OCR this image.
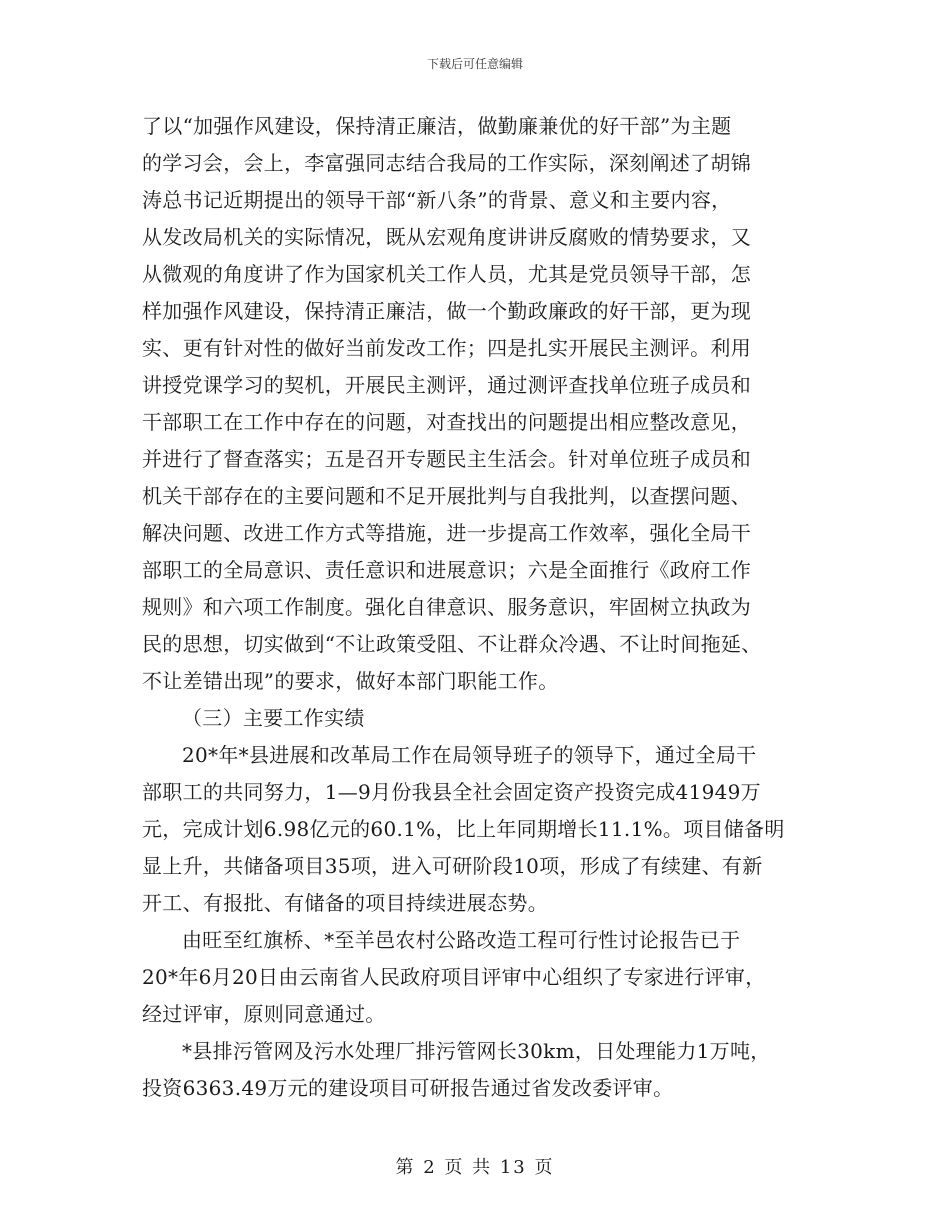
下载后可任意编辑
了以“加强作风建设，保持清正廉洁，做勤廉兼优的好干部”为主题
的学习会，会上，李富强同志结合我局的工作实际，深刻阐述了胡锦
涛总书记近期提出的领导干部“新八条”的背景、意义和主要内容，
从发改局机关的实际情况，既从宏观角度讲讲反腐败的情势要求，又
从微观的角度讲了作为国家机关工作人员，尤其是党员领导干部，怎
样加强作风建设，保持清正廉洁，做一个勤政廉政的好干部，更为现
实、更有针对性的做好当前发改工作；四是扎实开展民主测评。利用
讲授党课学习的契机，开展民主测评，通过测评查找单位班子成员和
干部职工在工作中存在的问题，对查找出的问题提出相应整改意见，
并进行了督查落实；五是召开专题民主生活会。针对单位班子成员和
机关干部存在的主要问题和不足开展批判与自我批判，以查摆问题、
解决问题、改进工作方式等措施，进一步提高工作效率，强化全局干
部职工的全局意识、责任意识和进展意识；六是全面推行《政府工作
规则》和六项工作制度。强化自律意识、服务意识，牢固树立执政为
民的思想，切实做到“不让政策受阻、不让群众冷遇、不让时间拖延、
不让差错出现”的要求，做好本部门职能工作。
（三）主要工作实绩
20*年*县进展和改革局工作在局领导班子的领导下，通过全局干
部职工的共同努力，1—9月份我县全社会固定资产投资完成41949万
元，完成计划6.98亿元的60.1%，比上年同期增长11.1%。项目储备明
显上升，共储备项目35项，进入可研阶段10项，形成了有续建、有新
开工、有报批、有储备的项目持续进展态势。
由旺至红旗桥、*至羊邑农村公路改造工程可行性讨论报告已于
20*年6月20日由云南省人民政府项目评审中心组织了专家进行评审，
经过评审，原则同意通过。
*县排污管网及污水处理厂排污管网长30km，日处理能力1万吨，
投资6363.49万元的建设项目可研报告通过省发改委评审。
第 2 页 共 13 页
